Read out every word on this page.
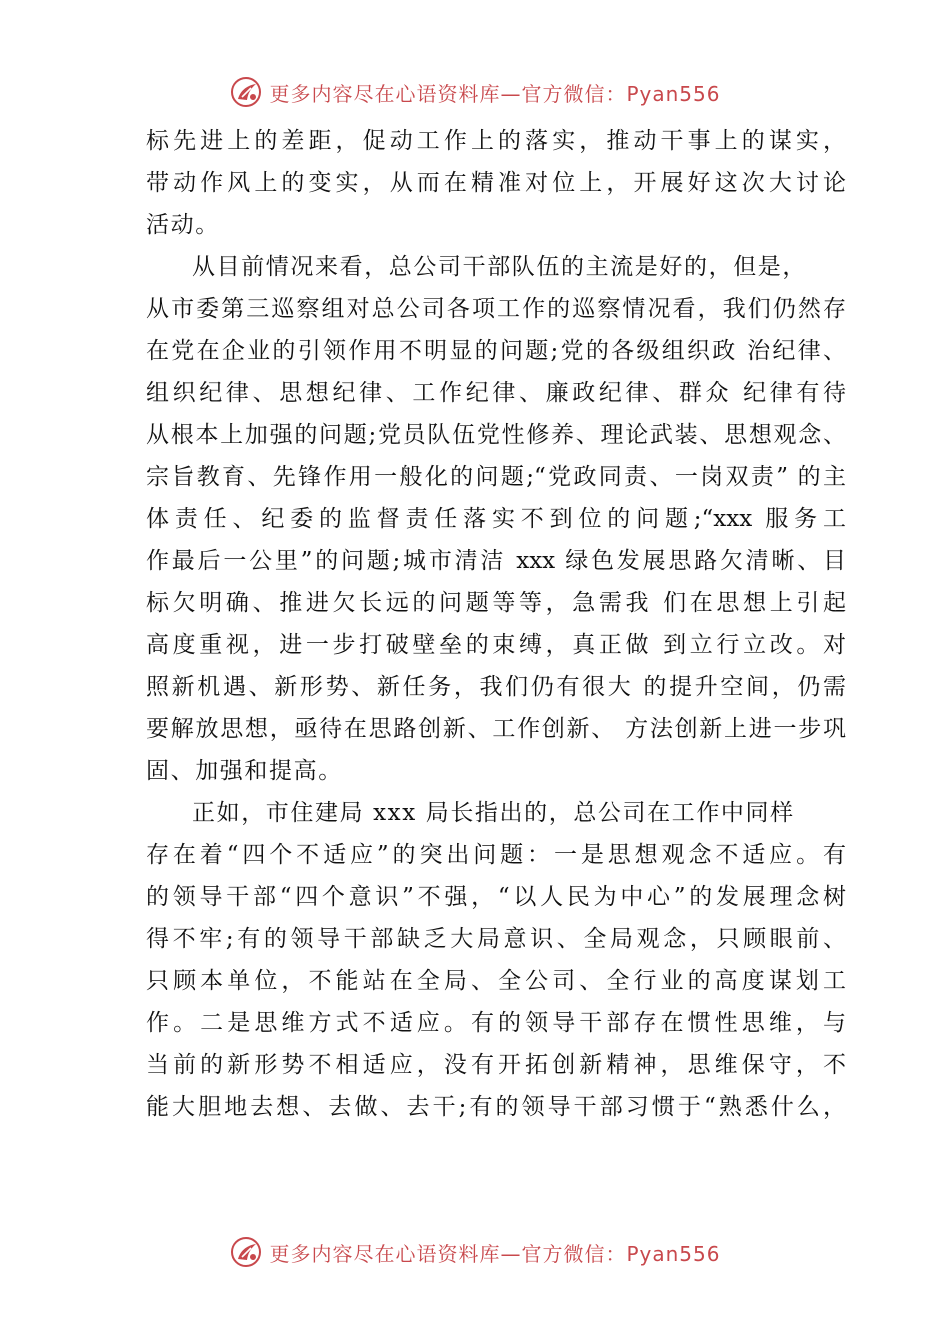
更多内容尽在心语资料库—官方微信：Pyan556
标先进上的差距，促动工作上的落实，推动干事上的谋实，
带动作风上的变实，从而在精准对位上，开展好这次大讨论
活动。
从目前情况来看，总公司干部队伍的主流是好的，但是，
从市委第三巡察组对总公司各项工作的巡察情况看，我们仍然存
在党在企业的引领作用不明显的问题;党的各级组织政 治纪律、
组织纪律、思想纪律、工作纪律、廉政纪律、群众 纪律有待
从根本上加强的问题;党员队伍党性修养、理论武装、思想观念、
宗旨教育、先锋作用一般化的问题;“党政同责、一岗双责” 的主
体责任、纪委的监督责任落实不到位的问题;“xxx 服务工
作最后一公里”的问题;城市清洁 xxx 绿色发展思路欠清晰、目
标欠明确、推进欠长远的问题等等，急需我 们在思想上引起
高度重视，进一步打破壁垒的束缚，真正做 到立行立改。对
照新机遇、新形势、新任务，我们仍有很大 的提升空间，仍需
要解放思想，亟待在思路创新、工作创新、 方法创新上进一步巩
固、加强和提高。
正如，市住建局 xxx 局长指出的，总公司在工作中同样
存在着“四个不适应”的突出问题：一是思想观念不适应。有
的领导干部“四个意识”不强，“以人民为中心”的发展理念树
得不牢;有的领导干部缺乏大局意识、全局观念，只顾眼前、
只顾本单位，不能站在全局、全公司、全行业的高度谋划工
作。二是思维方式不适应。有的领导干部存在惯性思维，与
当前的新形势不相适应，没有开拓创新精神，思维保守，不
能大胆地去想、去做、去干;有的领导干部习惯于“熟悉什么，
更多内容尽在心语资料库—官方微信：Pyan556
